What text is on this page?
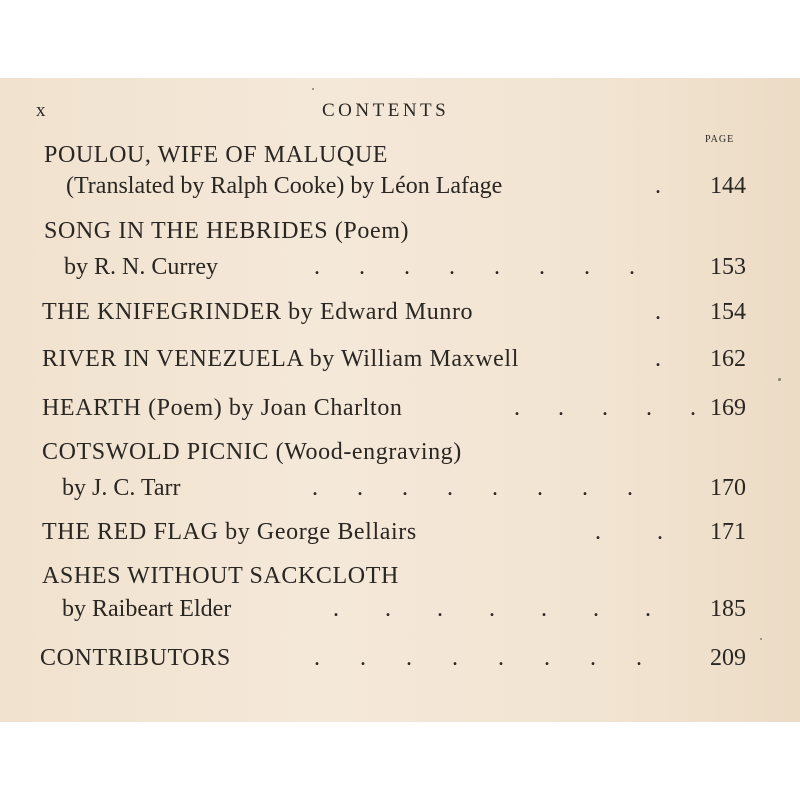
x	CONTENTS
PAGE
POULOU, WIFE OF MALUQUE
(Translated by Ralph Cooke) by Léon Lafage	. 144
SONG IN THE HEBRIDES (Poem)
by R. N. Currey	. . . . . . . .	153
THE KNIFEGRINDER by Edward Munro	. 154
RIVER IN VENEZUELA by William Maxwell	. 162
HEARTH (Poem) by Joan Charlton	. . . . . 169
COTSWOLD PICNIC (Wood-engraving)
by J. C. Tarr	. . . . . . . .	170
THE RED FLAG by George Bellairs	. . 171
ASHES WITHOUT SACKCLOTH
by Raibeart Elder	. . . . . . . 185
CONTRIBUTORS	. . . . . . . .	209
